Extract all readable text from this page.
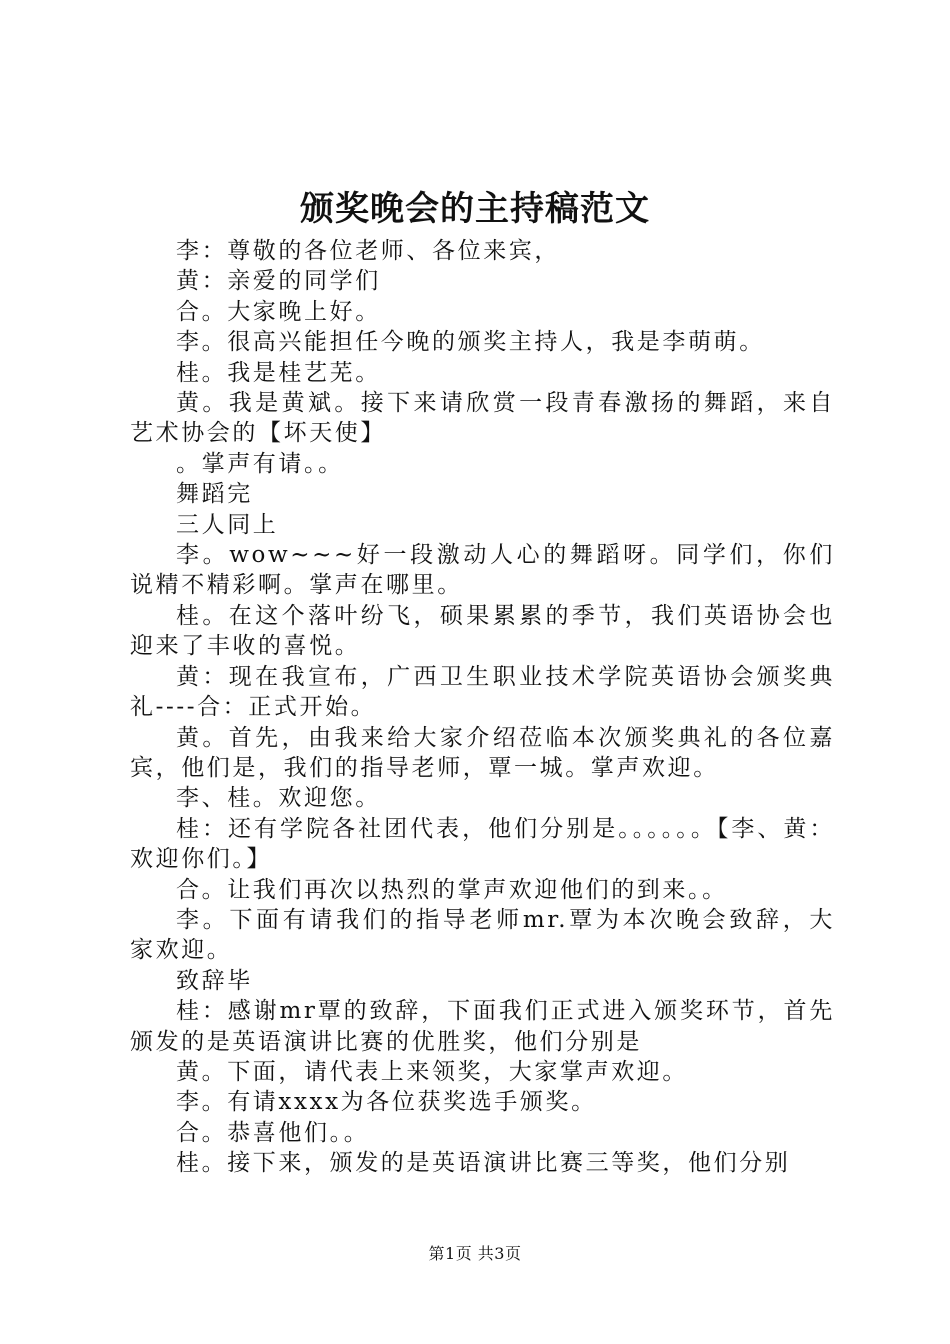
颁奖晚会的主持稿范文

李：尊敬的各位老师、各位来宾，

黄：亲爱的同学们

合。大家晚上好。

李。很高兴能担任今晚的颁奖主持人，我是李萌萌。

桂。我是桂艺芜。

黄。我是黄斌。接下来请欣赏一段青春激扬的舞蹈，来自艺术协会的【坏天使】

。掌声有请。。

舞蹈完

三人同上

李。wow~~~好一段激动人心的舞蹈呀。同学们，你们说精不精彩啊。掌声在哪里。

桂。在这个落叶纷飞，硕果累累的季节，我们英语协会也迎来了丰收的喜悦。

黄：现在我宣布，广西卫生职业技术学院英语协会颁奖典礼----合：正式开始。

黄。首先，由我来给大家介绍莅临本次颁奖典礼的各位嘉宾，他们是，我们的指导老师，覃一城。掌声欢迎。

李、桂。欢迎您。

桂：还有学院各社团代表，他们分别是。。。。。。【李、黄：欢迎你们。】

合。让我们再次以热烈的掌声欢迎他们的到来。。

李。下面有请我们的指导老师mr.覃为本次晚会致辞，大家欢迎。

致辞毕

桂：感谢mr覃的致辞，下面我们正式进入颁奖环节，首先颁发的是英语演讲比赛的优胜奖，他们分别是

黄。下面，请代表上来领奖，大家掌声欢迎。

李。有请xxxx为各位获奖选手颁奖。

合。恭喜他们。。

桂。接下来，颁发的是英语演讲比赛三等奖，他们分别

第1页 共3页
